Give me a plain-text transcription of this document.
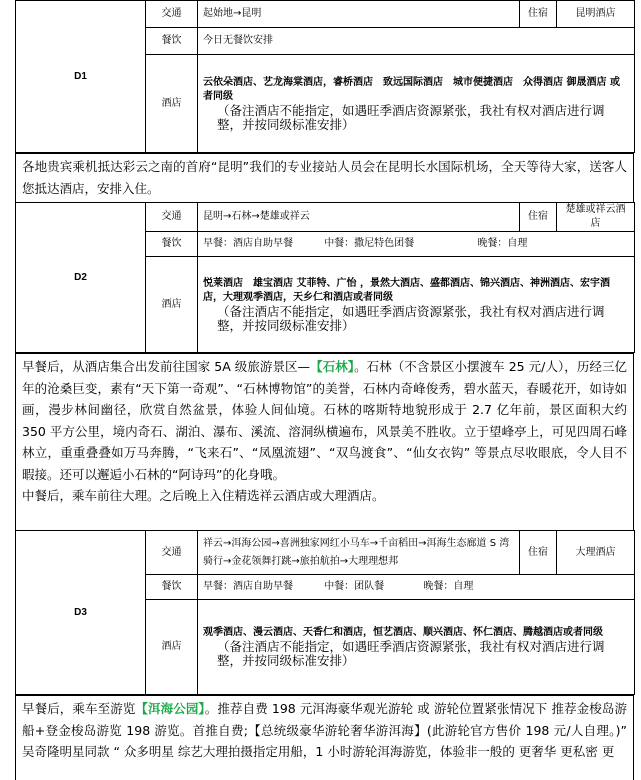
D1	交通	起始地→昆明	住宿	昆明酒店
	餐饮	今日无餐饮安排		
	酒店	云依朵酒店、艺龙海棠酒店，睿桥酒店　致远国际酒店　城市便捷酒店　众得酒店 御晟酒店 或者同级
（备注酒店不能指定，如遇旺季酒店资源紧张，我社有权对酒店进行调整，并按同级标准安排）		
各地贵宾乘机抵达彩云之南的首府“昆明”我们的专业接站人员会在昆明长水国际机场，全天等待大家，送客人您抵达酒店，安排入住。
D2	交通	昆明→石林→楚雄或祥云	住宿	楚雄或祥云酒店
	餐饮	早餐：酒店自助早餐 中餐：撒尼特色团餐 晚餐：自理		
	酒店	悦莱酒店　雄宝酒店 艾菲特、广怡 ，景然大酒店、盛都酒店、锦兴酒店、神洲酒店、宏宇酒店，大理观季酒店，天乡仁和酒店或者同级
（备注酒店不能指定，如遇旺季酒店资源紧张，我社有权对酒店进行调整，并按同级标准安排）		
早餐后，从酒店集合出发前往国家 5A 级旅游景区—【石林】。石林（不含景区小摆渡车 25 元/人），历经三亿年的沧桑巨变，素有“天下第一奇观”、“石林博物馆”的美誉，石林内奇峰俊秀，碧水蓝天，春暖花开，如诗如画，漫步林间幽径，欣赏自然盆景，体验人间仙境。石林的喀斯特地貌形成于 2.7 亿年前，景区面积大约 350 平方公里，境内奇石、湖泊、瀑布、溪流、溶洞纵横遍布，风景美不胜收。立于望峰亭上，可见四周石峰林立，重重叠叠如万马奔腾，“飞来石”、“凤凰流翅”、“双鸟渡食”、“仙女衣钩” 等景点尽收眼底，令人目不暇接。还可以邂逅小石林的“阿诗玛”的化身哦。
中餐后，乘车前往大理。之后晚上入住精选祥云酒店或大理酒店。
D3	交通	祥云→洱海公园→喜洲独家网红小马车→千亩稻田→洱海生态廊道 S 湾骑行→金花领舞打跳→旅拍航拍→大理理想邦	住宿	大理酒店
	餐饮	早餐：酒店自助早餐 中餐：团队餐 晚餐：自理		
	酒店	观季酒店、漫云酒店、天香仁和酒店，恒艺酒店、顺兴酒店、怀仁酒店、腾越酒店或者同级
（备注酒店不能指定，如遇旺季酒店资源紧张，我社有权对酒店进行调整，并按同级标准安排）		
早餐后，乘车至游览【洱海公园】。推荐自费 198 元洱海豪华观光游轮 或 游轮位置紧张情况下 推荐金梭岛游船+登金梭岛游览 198 游览。首推自费;【总统级豪华游轮奢华游洱海】(此游轮官方售价 198 元/人自理。)” 吴奇隆明星同款 “ 众多明星 综艺大理拍摄指定用船，1 小时游轮洱海游览，体验非一般的 更奢华 更私密 更
